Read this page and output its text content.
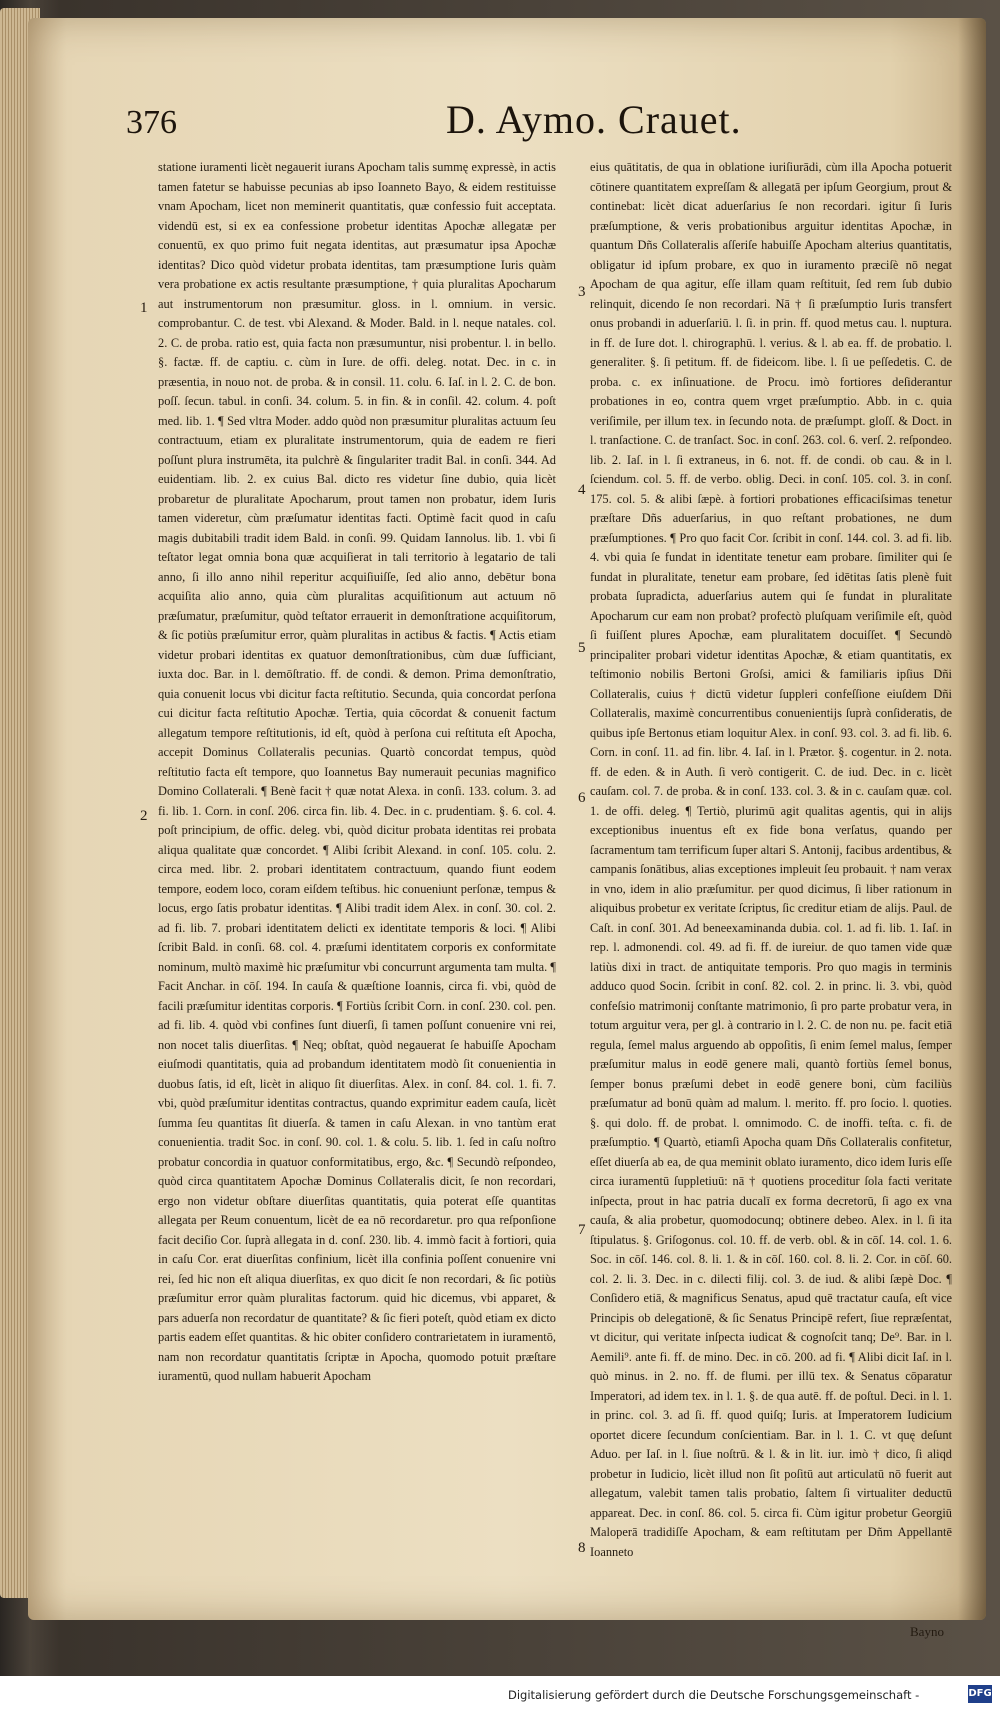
376	D. Aymo. Crauet.

statione iuramenti licèt negauerit iurans Apocham talis summę expressè, in actis tamen fatetur se habuisse pecunias ab ipso Ioanneto Bayo, & eidem restituisse vnam Apocham, licet non meminerit quantitatis, quæ confessio fuit acceptata. videndū est, si ex ea confessione probetur identitas Apochæ allegatæ per conuentū, ex quo primo fuit negata identitas, aut præsumatur ipsa Apochæ identitas? Dico quòd videtur probata identitas, tam præsumptione Iuris quàm vera probatione ex actis resultante præsumptione, † quia pluralitas Apocharum aut instrumentorum non præsumitur. gloss. in l. omnium. in versic. comprobantur. C. de test. vbi Alexand. & Moder. Bald. in l. neque natales. col. 2. C. de proba. ratio est, quia facta non præsumuntur, nisi probentur. l. in bello. §. factæ. ff. de captiu. c. cùm in Iure. de offi. deleg. notat. Dec. in c. in præsentia, in nouo not. de proba. & in consil. 11. colu. 6. Iaſ. in l. 2. C. de bon. poſſ. ſecun. tabul. in conſi. 34. colum. 5. in fin. & in conſil. 42. colum. 4. poſt med. lib. 1. ¶ Sed vltra Moder. addo quòd non præsumitur pluralitas actuum ſeu contractuum, etiam ex pluralitate instrumentorum, quia de eadem re fieri poſſunt plura instrumēta, ita pulchrè & ſingulariter tradit Bal. in conſi. 344. Ad euidentiam. lib. 2. ex cuius Bal. dicto res videtur ſine dubio, quia licèt probaretur de pluralitate Apocharum, prout tamen non probatur, idem Iuris tamen videretur, cùm præſumatur identitas facti. Optimè facit quod in caſu magis dubitabili tradit idem Bald. in conſi. 99. Quidam Iannolus. lib. 1. vbi ſi teſtator legat omnia bona quæ acquiſierat in tali territorio à legatario de tali anno, ſi illo anno nihil reperitur acquiſiuiſſe, ſed alio anno, debētur bona acquiſita alio anno, quia cùm pluralitas acquiſitionum aut actuum nō præſumatur, præſumitur, quòd teſtator errauerit in demonſtratione acquiſitorum, & ſic potiùs præſumitur error, quàm pluralitas in actibus & factis. ¶ Actis etiam videtur probari identitas ex quatuor demonſtrationibus, cùm duæ ſufficiant, iuxta doc. Bar. in l. demōſtratio. ff. de condi. & demon. Prima demonſtratio, quia conuenit locus vbi dicitur facta reſtitutio. Secunda, quia concordat perſona cui dicitur facta reſtitutio Apochæ. Tertia, quia cōcordat & conuenit factum allegatum tempore reſtitutionis, id eſt, quòd à perſona cui reſtituta eſt Apocha, accepit Dominus Collateralis pecunias. Quartò concordat tempus, quòd reſtitutio facta eſt tempore, quo Ioannetus Bay numerauit pecunias magnifico Domino Collaterali. ¶ Benè facit † quæ notat Alexa. in conſi. 133. colum. 3. ad fi. lib. 1. Corn. in conſ. 206. circa fin. lib. 4. Dec. in c. prudentiam. §. 6. col. 4. poſt principium, de offic. deleg. vbi, quòd dicitur probata identitas rei probata aliqua qualitate quæ concordet. ¶ Alibi ſcribit Alexand. in conſ. 105. colu. 2. circa med. libr. 2. probari identitatem contractuum, quando fiunt eodem tempore, eodem loco, coram eiſdem teſtibus. hic conueniunt perſonæ, tempus & locus, ergo ſatis probatur identitas. ¶ Alibi tradit idem Alex. in conſ. 30. col. 2. ad fi. lib. 7. probari identitatem delicti ex identitate temporis & loci. ¶ Alibi ſcribit Bald. in conſi. 68. col. 4. præſumi identitatem corporis ex conformitate nominum, multò maximè hic præſumitur vbi concurrunt argumenta tam multa. ¶ Facit Anchar. in cōſ. 194. In cauſa & quæſtione Ioannis, circa fi. vbi, quòd de facili præſumitur identitas corporis. ¶ Fortiùs ſcribit Corn. in conſ. 230. col. pen. ad fi. lib. 4. quòd vbi confines ſunt diuerſi, ſi tamen poſſunt conuenire vni rei, non nocet talis diuerſitas. ¶ Neq; obſtat, quòd negauerat ſe habuiſſe Apocham eiuſmodi quantitatis, quia ad probandum identitatem modò ſit conuenientia in duobus ſatis, id eſt, licèt in aliquo ſit diuerſitas. Alex. in conſ. 84. col. 1. fi. 7. vbi, quòd præſumitur identitas contractus, quando exprimitur eadem cauſa, licèt ſumma ſeu quantitas ſit diuerſa. & tamen in caſu Alexan. in vno tantùm erat conuenientia. tradit Soc. in conſ. 90. col. 1. & colu. 5. lib. 1. ſed in caſu noſtro probatur concordia in quatuor conformitatibus, ergo, &c. ¶ Secundò reſpondeo, quòd circa quantitatem Apochæ Dominus Collateralis dicit, ſe non recordari, ergo non videtur obſtare diuerſitas quantitatis, quia poterat eſſe quantitas allegata per Reum conuentum, licèt de ea nō recordaretur. pro qua reſponſione facit deciſio Cor. ſuprà allegata in d. conſ. 230. lib. 4. immò facit à fortiori, quia in caſu Cor. erat diuerſitas confinium, licèt illa confinia poſſent conuenire vni rei, ſed hic non eſt aliqua diuerſitas, ex quo dicit ſe non recordari, & ſic potiùs præſumitur error quàm pluralitas factorum. quid hic dicemus, vbi apparet, & pars aduerſa non recordatur de quantitate? & ſic fieri poteſt, quòd etiam ex dicto partis eadem eſſet quantitas. & hic obiter conſidero contrarietatem in iuramentō, nam non recordatur quantitatis ſcriptæ in Apocha, quomodo potuit præſtare iuramentū, quod nullam habuerit Apocham

eius quātitatis, de qua in oblatione iuriſiurādi, cùm illa Apocha potuerit cōtinere quantitatem expreſſam & allegatā per ipſum Georgium, prout & continebat: licèt dicat aduerſarius ſe non recordari. igitur ſi Iuris præſumptione, & veris probationibus arguitur identitas Apochæ, in quantum Dñs Collateralis aſſeriſe habuiſſe Apocham alterius quantitatis, obligatur id ipſum probare, ex quo in iuramento præciſè nō negat Apocham de qua agitur, eſſe illam quam reſtituit, ſed rem ſub dubio relinquit, dicendo ſe non recordari. Nā † ſi præſumptio Iuris transfert onus probandi in aduerſariū. l. ſi. in prin. ff. quod metus cau. l. nuptura. in ff. de Iure dot. l. chirographū. l. verius. & l. ab ea. ff. de probatio. l. generaliter. §. ſi petitum. ff. de fideicom. libe. l. ſi ue peſſedetis. C. de proba. c. ex inſinuatione. de Procu. imò fortiores deſiderantur probationes in eo, contra quem vrget præſumptio. Abb. in c. quia veriſimile, per illum tex. in ſecundo nota. de præſumpt. gloſſ. & Doct. in l. tranſactione. C. de tranſact. Soc. in conſ. 263. col. 6. verſ. 2. reſpondeo. lib. 2. Iaſ. in l. ſi extraneus, in 6. not. ff. de condi. ob cau. & in l. ſciendum. col. 5. ff. de verbo. oblig. Deci. in conſ. 105. col. 3. in conſ. 175. col. 5. & alibi ſæpè. à fortiori probationes efficaciſsimas tenetur præſtare Dñs aduerſarius, in quo reſtant probationes, ne dum præſumptiones. ¶ Pro quo facit Cor. ſcribit in conſ. 144. col. 3. ad fi. lib. 4. vbi quia ſe fundat in identitate tenetur eam probare. ſimiliter qui ſe fundat in pluralitate, tenetur eam probare, ſed idētitas ſatis plenè fuit probata ſupradicta, aduerſarius autem qui ſe fundat in pluralitate Apocharum cur eam non probat? profectò pluſquam veriſimile eſt, quòd ſi fuiſſent plures Apochæ, eam pluralitatem docuiſſet. ¶ Secundò principaliter probari videtur identitas Apochæ, & etiam quantitatis, ex teſtimonio nobilis Bertoni Groſsi, amici & familiaris ipſius Dñi Collateralis, cuius † dictū videtur ſuppleri confeſſione eiuſdem Dñi Collateralis, maximè concurrentibus conuenientijs ſuprà conſideratis, de quibus ipſe Bertonus etiam loquitur Alex. in conſ. 93. col. 3. ad fi. lib. 6. Corn. in conſ. 11. ad fin. libr. 4. Iaſ. in l. Prætor. §. cogentur. in 2. nota. ff. de eden. & in Auth. ſi verò contigerit. C. de iud. Dec. in c. licèt cauſam. col. 7. de proba. & in conſ. 133. col. 3. & in c. cauſam quæ. col. 1. de offi. deleg. ¶ Tertiò, plurimū agit qualitas agentis, qui in alijs exceptionibus inuentus eſt ex fide bona verſatus, quando per ſacramentum tam terrificum ſuper altari S. Antonij, facibus ardentibus, & campanis ſonātibus, alias exceptiones impleuit ſeu probauit. † nam verax in vno, idem in alio præſumitur. per quod dicimus, ſi liber rationum in aliquibus probetur ex veritate ſcriptus, ſic creditur etiam de alijs. Paul. de Caſt. in conſ. 301. Ad beneexaminanda dubia. col. 1. ad fi. lib. 1. Iaſ. in rep. l. admonendi. col. 49. ad fi. ff. de iureiur. de quo tamen vide quæ latiùs dixi in tract. de antiquitate temporis. Pro quo magis in terminis adduco quod Socin. ſcribit in conſ. 82. col. 2. in princ. li. 3. vbi, quòd confeſsio matrimonij conſtante matrimonio, ſi pro parte probatur vera, in totum arguitur vera, per gl. à contrario in l. 2. C. de non nu. pe. facit etiā regula, ſemel malus arguendo ab oppoſitis, ſi enim ſemel malus, ſemper præſumitur malus in eodē genere mali, quantò fortiùs ſemel bonus, ſemper bonus præſumi debet in eodē genere boni, cùm faciliùs præſumatur ad bonū quàm ad malum. l. merito. ff. pro ſocio. l. quoties. §. qui dolo. ff. de probat. l. omnimodo. C. de inoffi. teſta. c. fi. de præſumptio. ¶ Quartò, etiamſi Apocha quam Dñs Collateralis confitetur, eſſet diuerſa ab ea, de qua meminit oblato iuramento, dico idem Iuris eſſe circa iuramentū ſuppletiuū: nā † quotiens proceditur ſola facti veritate inſpecta, prout in hac patria ducalī ex forma decretorū, ſi ago ex vna cauſa, & alia probetur, quomodocunq; obtinere debeo. Alex. in l. ſi ita ſtipulatus. §. Griſogonus. col. 10. ff. de verb. obl. & in cōſ. 14. col. 1. 6. Soc. in cōſ. 146. col. 8. li. 1. & in cōſ. 160. col. 8. li. 2. Cor. in cōſ. 60. col. 2. li. 3. Dec. in c. dilecti filij. col. 3. de iud. & alibi ſæpè Doc. ¶ Conſidero etiā, & magnificus Senatus, apud quē tractatur cauſa, eſt vice Principis ob delegationē, & ſic Senatus Principē refert, ſiue repræſentat, vt dicitur, qui veritate inſpecta iudicat & cognoſcit tanq; De⁹. Bar. in l. Aemili⁹. ante fi. ff. de mino. Dec. in cō. 200. ad fi. ¶ Alibi dicit Iaſ. in l. quò minus. in 2. no. ff. de flumi. per illū tex. & Senatus cōparatur Imperatori, ad idem tex. in l. 1. §. de qua autē. ff. de poſtul. Deci. in l. 1. in princ. col. 3. ad ſi. ff. quod quiſq; Iuris. at Imperatorem Iudicium oportet dicere ſecundum conſcientiam. Bar. in l. 1. C. vt quę deſunt Aduo. per Iaſ. in l. ſiue noſtrū. & l. & in lit. iur. imò † dico, ſi aliqd probetur in Iudicio, licèt illud non ſit poſitū aut articulatū nō fuerit aut allegatum, valebit tamen talis probatio, ſaltem ſi virtualiter deductū appareat. Dec. in conſ. 86. col. 5. circa fi. Cùm igitur probetur Georgiū Maloperā tradidiſſe Apocham, & eam reſtitutam per Dñm Appellantē Ioanneto

1
2
3
4
5
6
7
8
Bayno
Digitalisierung gefördert durch die Deutsche Forschungsgemeinschaft -	DFG
